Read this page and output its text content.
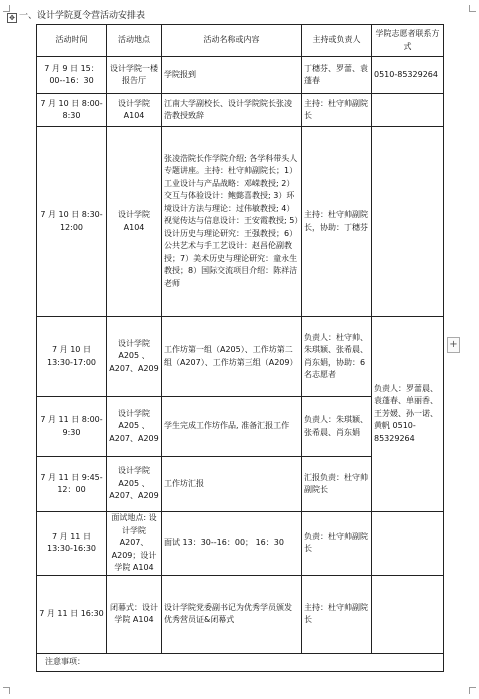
✥ 一、设计学院夏令营活动安排表
活动时间	活动地点	活动名称或内容	主持或负责人	学院志愿者联系方式
7 月 9 日 15：00--16：30	设计学院一楼报告厅	学院报到	丁穗芬、罗蕾、袁蓬春	0510-85329264
7 月 10 日 8:00-8:30	设计学院 A104	江南大学副校长、设计学院院长张凌浩教授致辞	主持：杜守帅副院长	
7 月 10 日 8:30-12:00	设计学院 A104	张凌浩院长作学院介绍; 各学科带头人专题讲座。主持：杜守帅副院长；1）工业设计与产品战略：邓嵘教授; 2）交互与体验设计：鲍懿喜教授; 3）环境设计方法与理论：过伟敏教授; 4）视觉传达与信息设计：王安霞教授; 5）设计历史与理论研究：王强教授；6）公共艺术与手工艺设计：赵昌伦副教授；7）美术历史与理论研究：童永生教授；8）国际交流项目介绍：陈祥洁老师	主持：杜守帅副院长，协助：丁穗芬	
7 月 10 日 13:30-17:00	设计学院 A205 、A207、A209	工作坊第一组（A205）、工作坊第二组（A207）、工作坊第三组（A209）	负责人：杜守帅、朱琪颖、张希晨、肖东娟，协助：6 名志愿者	负责人：罗蕾晨、袁蓬春、单丽香、王芳媛、孙一诺、黄帆 0510-85329264
7 月 11 日 8:00-9:30	设计学院 A205 、A207、A209	学生完成工作坊作品, 准备汇报工作	负责人：朱琪颖、张希晨、肖东娟	
7 月 11 日 9:45-12：00	设计学院 A205 、A207、A209	工作坊汇报	汇报负责：杜守帅副院长	
7 月 11 日 13:30-16:30	面试地点: 设计学院 A207、A209；设计学院 A104	面试 13：30--16：00； 16：30	负责：杜守帅副院长	
7 月 11 日 16:30	闭幕式：设计学院 A104	设计学院党委副书记为优秀学员颁发优秀营员证&闭幕式	主持：杜守帅副院长	
注意事项：				
+
